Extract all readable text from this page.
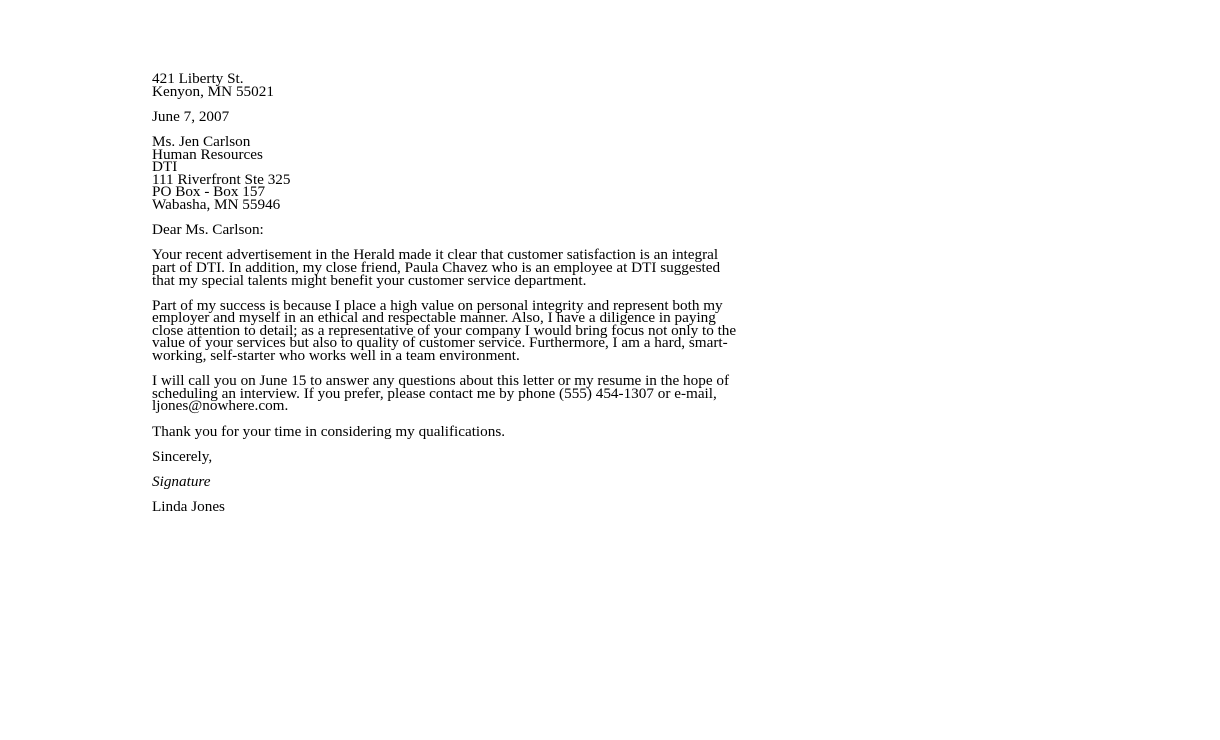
421 Liberty St.
Kenyon, MN 55021
June 7, 2007
Ms. Jen Carlson
Human Resources
DTI
111 Riverfront Ste 325
PO Box - Box 157
Wabasha, MN 55946
Dear Ms. Carlson:
Your recent advertisement in the Herald made it clear that customer satisfaction is an integral
part of DTI. In addition, my close friend, Paula Chavez who is an employee at DTI suggested
that my special talents might benefit your customer service department.
Part of my success is because I place a high value on personal integrity and represent both my
employer and myself in an ethical and respectable manner. Also, I have a diligence in paying
close attention to detail; as a representative of your company I would bring focus not only to the
value of your services but also to quality of customer service. Furthermore, I am a hard, smart-
working, self-starter who works well in a team environment.
I will call you on June 15 to answer any questions about this letter or my resume in the hope of
scheduling an interview. If you prefer, please contact me by phone (555) 454-1307 or e-mail,
ljones@nowhere.com.
Thank you for your time in considering my qualifications.
Sincerely,
Signature
Linda Jones
